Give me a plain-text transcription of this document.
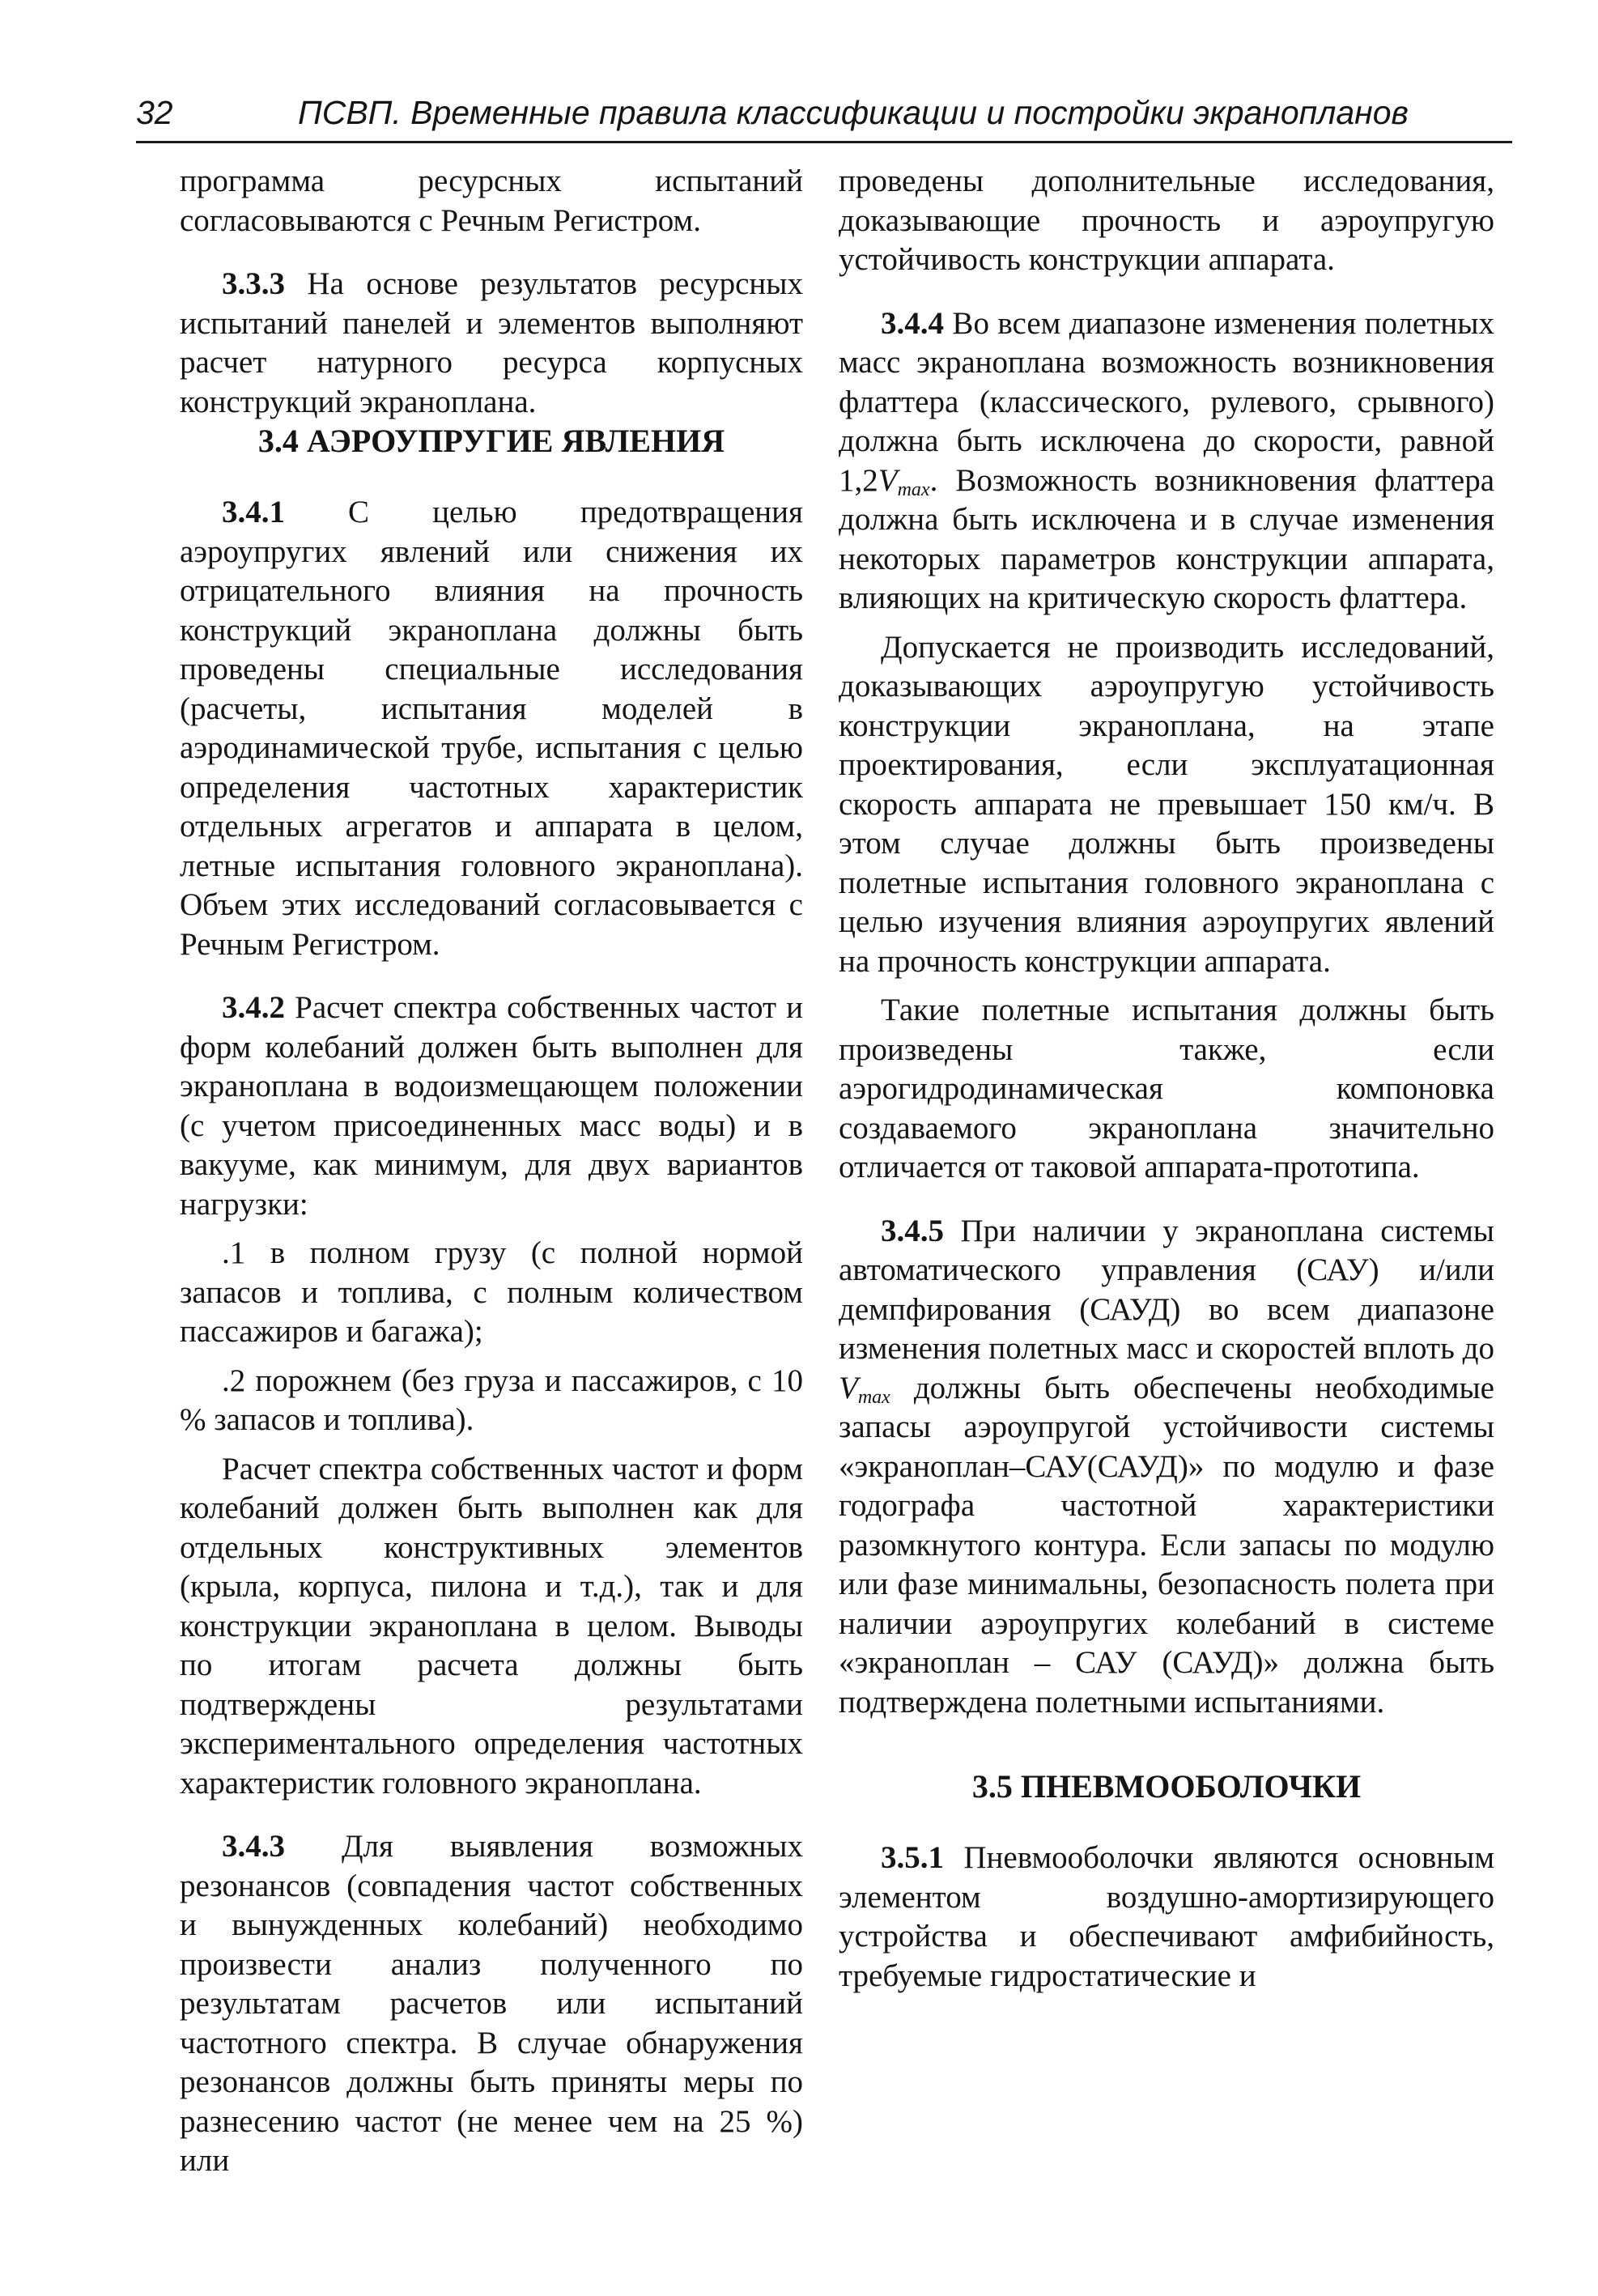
32	ПСВП. Временные правила классификации и постройки экранопланов

программа ресурсных испытаний согласовываются с Речным Регистром.

3.3.3 На основе результатов ресурсных испытаний панелей и элементов выполняют расчет натурного ресурса корпусных конструкций экраноплана.

3.4 АЭРОУПРУГИЕ ЯВЛЕНИЯ

3.4.1 С целью предотвращения аэроупругих явлений или снижения их отрицательного влияния на прочность конструкций экраноплана должны быть проведены специальные исследования (расчеты, испытания моделей в аэродинамической трубе, испытания с целью определения частотных характеристик отдельных агрегатов и аппарата в целом, летные испытания головного экраноплана). Объем этих исследований согласовывается с Речным Регистром.

3.4.2 Расчет спектра собственных частот и форм колебаний должен быть выполнен для экраноплана в водоизмещающем положении (с учетом присоединенных масс воды) и в вакууме, как минимум, для двух вариантов нагрузки:

.1 в полном грузу (с полной нормой запасов и топлива, с полным количеством пассажиров и багажа);

.2 порожнем (без груза и пассажиров, с 10 % запасов и топлива).

Расчет спектра собственных частот и форм колебаний должен быть выполнен как для отдельных конструктивных элементов (крыла, корпуса, пилона и т.д.), так и для конструкции экраноплана в целом. Выводы по итогам расчета должны быть подтверждены результатами экспериментального определения частотных характеристик головного экраноплана.

3.4.3 Для выявления возможных резонансов (совпадения частот собственных и вынужденных колебаний) необходимо произвести анализ полученного по результатам расчетов или испытаний частотного спектра. В случае обнаружения резонансов должны быть приняты меры по разнесению частот (не менее чем на 25 %) или

проведены дополнительные исследования, доказывающие прочность и аэроупругую устойчивость конструкции аппарата.

3.4.4 Во всем диапазоне изменения полетных масс экраноплана возможность возникновения флаттера (классического, рулевого, срывного) должна быть исключена до скорости, равной $1,2V_{max}$. Возможность возникновения флаттера должна быть исключена и в случае изменения некоторых параметров конструкции аппарата, влияющих на критическую скорость флаттера.

Допускается не производить исследований, доказывающих аэроупругую устойчивость конструкции экраноплана, на этапе проектирования, если эксплуатационная скорость аппарата не превышает 150 км/ч. В этом случае должны быть произведены полетные испытания головного экраноплана с целью изучения влияния аэроупругих явлений на прочность конструкции аппарата.

Такие полетные испытания должны быть произведены также, если аэрогидродинамическая компоновка создаваемого экраноплана значительно отличается от таковой аппарата-прототипа.

3.4.5 При наличии у экраноплана системы автоматического управления (САУ) и/или демпфирования (САУД) во всем диапазоне изменения полетных масс и скоростей вплоть до $V_{max}$ должны быть обеспечены необходимые запасы аэроупругой устойчивости системы «экраноплан–САУ(САУД)» по модулю и фазе годографа частотной характеристики разомкнутого контура. Если запасы по модулю или фазе минимальны, безопасность полета при наличии аэроупругих колебаний в системе «экраноплан – САУ (САУД)» должна быть подтверждена полетными испытаниями.

3.5 ПНЕВМООБОЛОЧКИ

3.5.1 Пневмооболочки являются основным элементом воздушно-амортизирующего устройства и обеспечивают амфибийность, требуемые гидростатические и
